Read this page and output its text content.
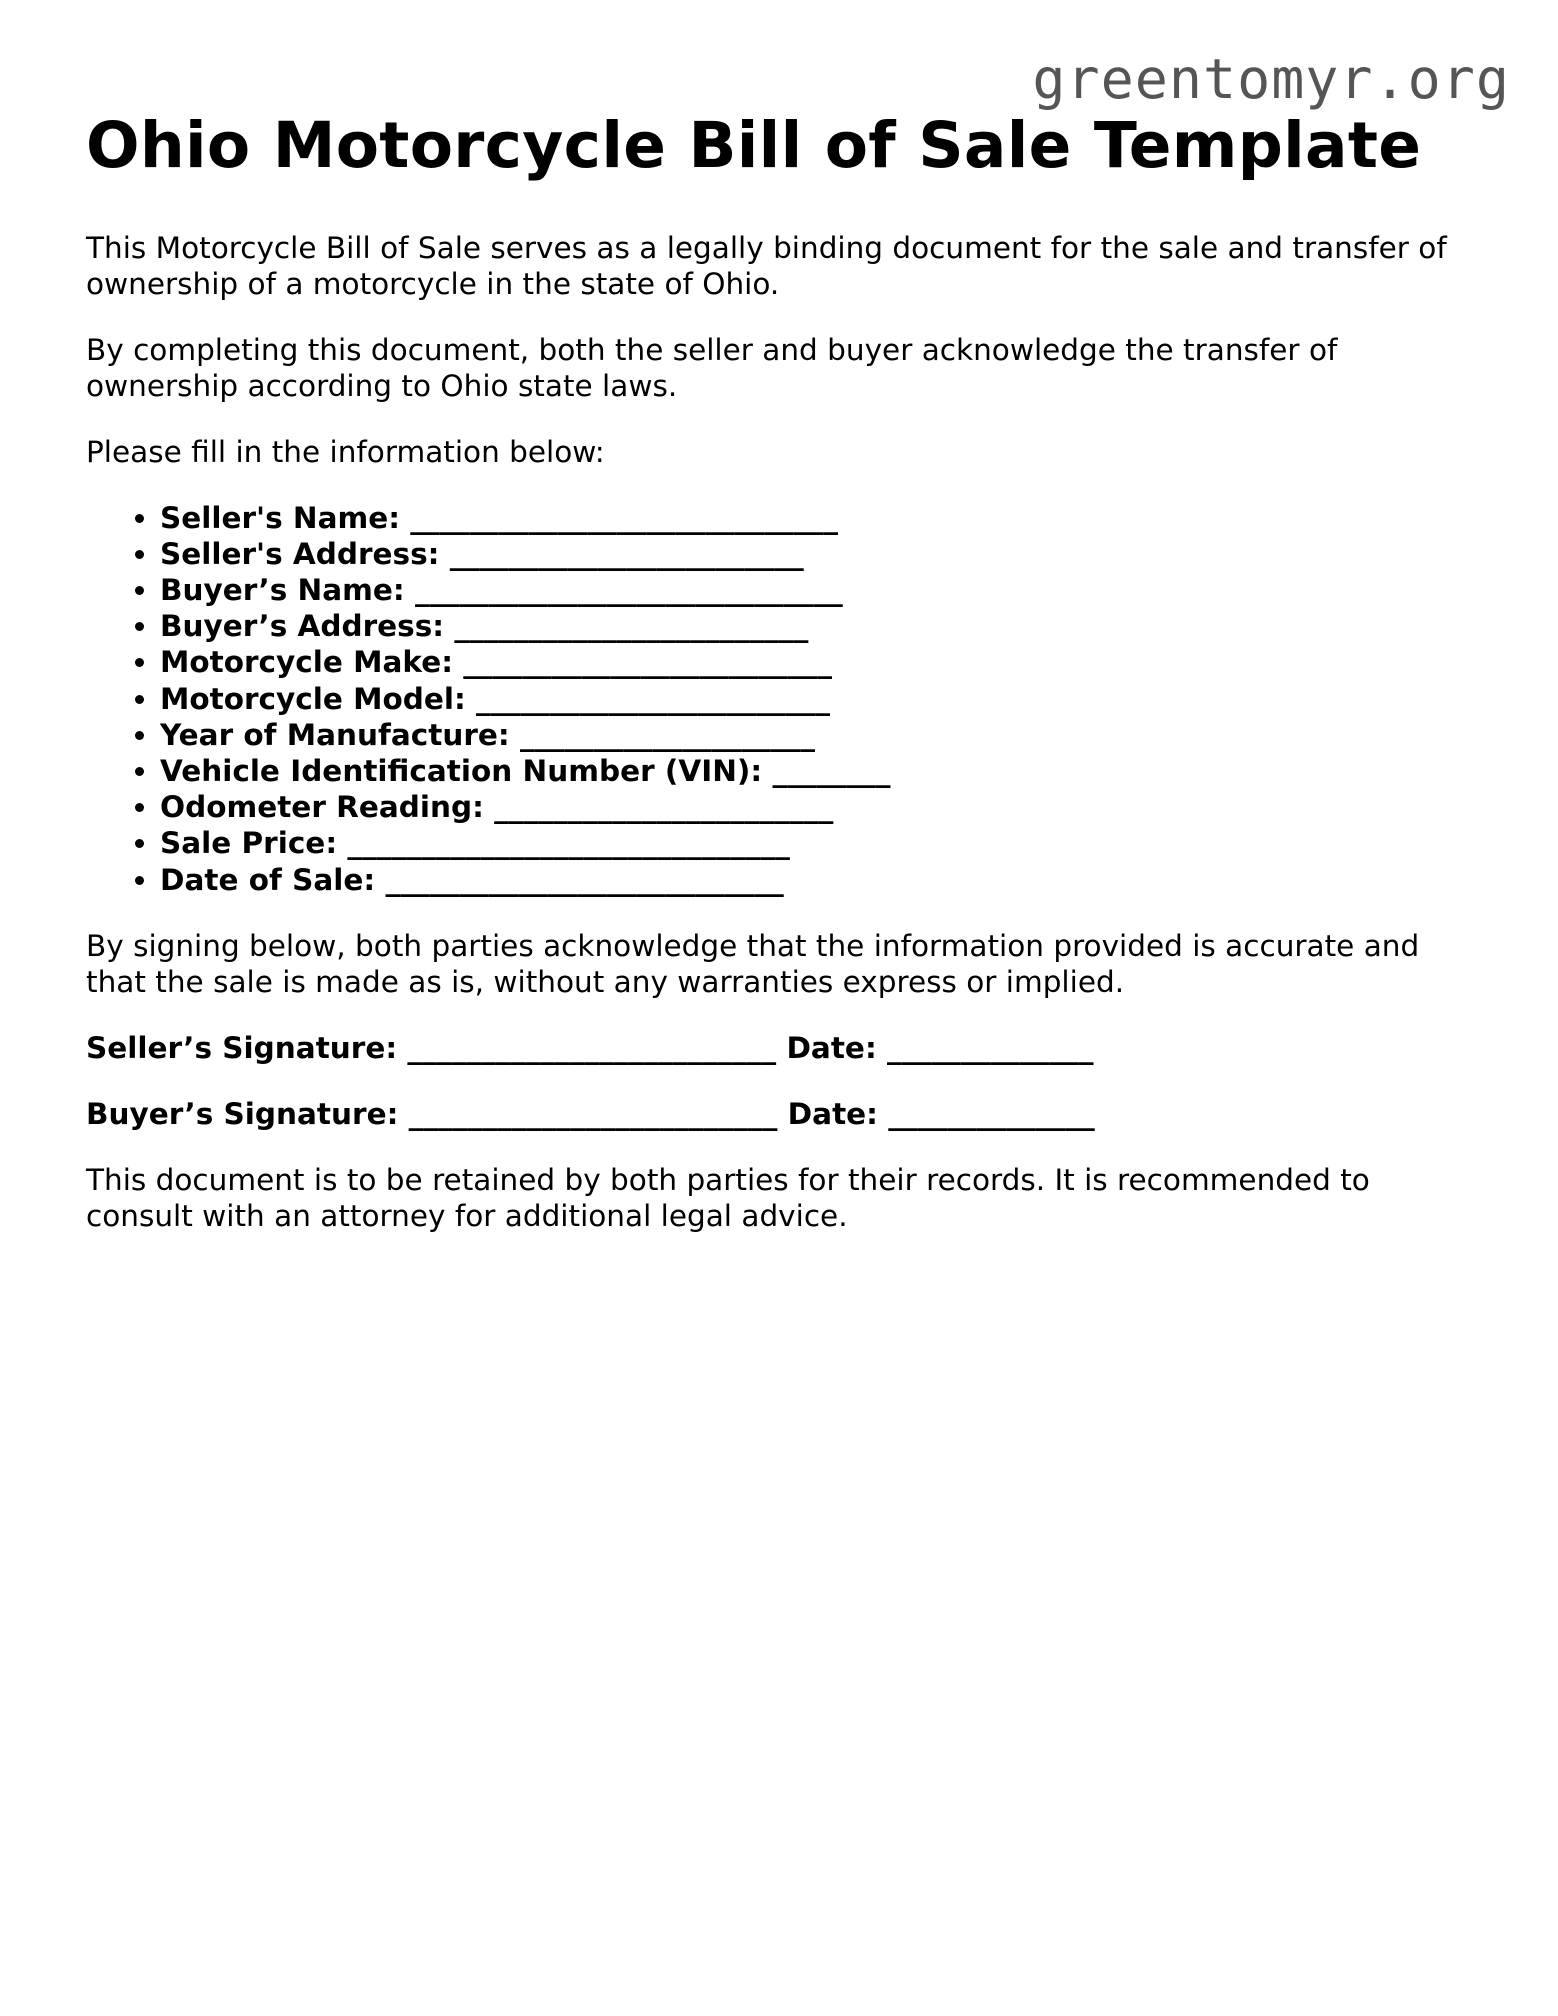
greentomyr.org
Ohio Motorcycle Bill of Sale Template

This Motorcycle Bill of Sale serves as a legally binding document for the sale and transfer of ownership of a motorcycle in the state of Ohio.

By completing this document, both the seller and buyer acknowledge the transfer of ownership according to Ohio state laws.

Please fill in the information below:

• Seller's Name: _____________________________
• Seller's Address: ________________________
• Buyer’s Name: _____________________________
• Buyer’s Address: ________________________
• Motorcycle Make: _________________________
• Motorcycle Model: ________________________
• Year of Manufacture: ____________________
• Vehicle Identification Number (VIN): ________
• Odometer Reading: _______________________
• Sale Price: ______________________________
• Date of Sale: ___________________________

By signing below, both parties acknowledge that the information provided is accurate and that the sale is made as is, without any warranties express or implied.

Seller’s Signature: _________________________ Date: ______________
Buyer’s Signature: _________________________ Date: ______________

This document is to be retained by both parties for their records. It is recommended to consult with an attorney for additional legal advice.
